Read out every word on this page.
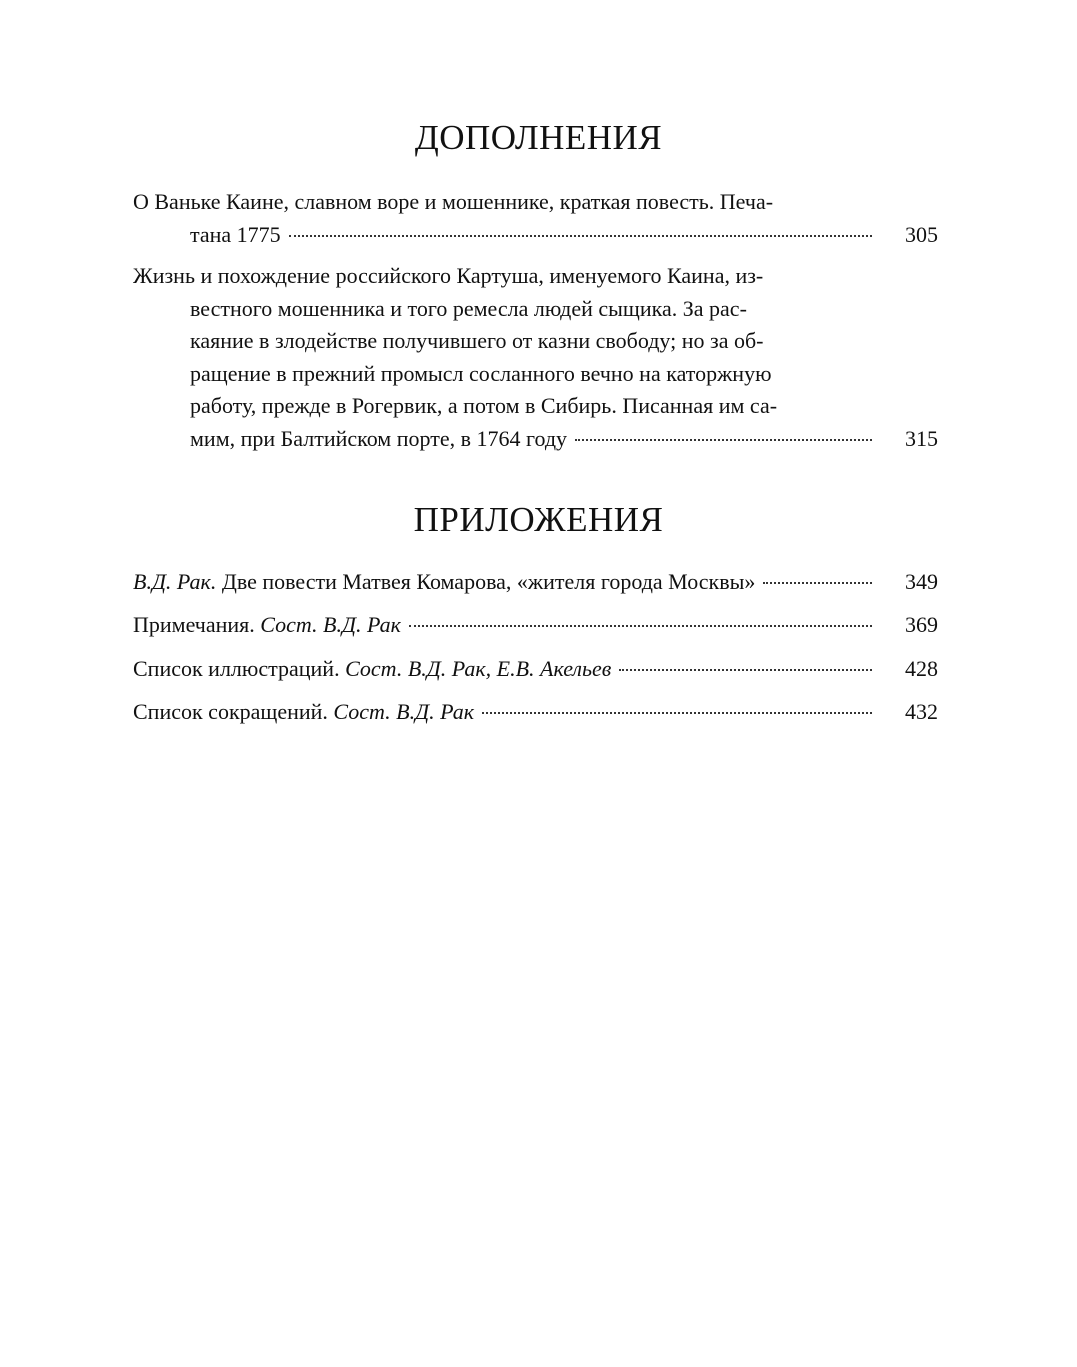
ДОПОЛНЕНИЯ
О Ваньке Каине, славном воре и мошеннике, краткая повесть. Печа-
тана 1775	305
Жизнь и похождение российского Картуша, именуемого Каина, из-
вестного мошенника и того ремесла людей сыщика. За рас-
каяние в злодействе получившего от казни свободу; но за об-
ращение в прежний промысл сосланного вечно на каторжную
работу, прежде в Рогервик, а потом в Сибирь. Писанная им са-
мим, при Балтийском порте, в 1764 году	315
ПРИЛОЖЕНИЯ
В.Д. Рак. Две повести Матвея Комарова, «жителя города Москвы»	349
Примечания. Сост. В.Д. Рак	369
Список иллюстраций. Сост. В.Д. Рак, Е.В. Акельев	428
Список сокращений. Сост. В.Д. Рак	432
